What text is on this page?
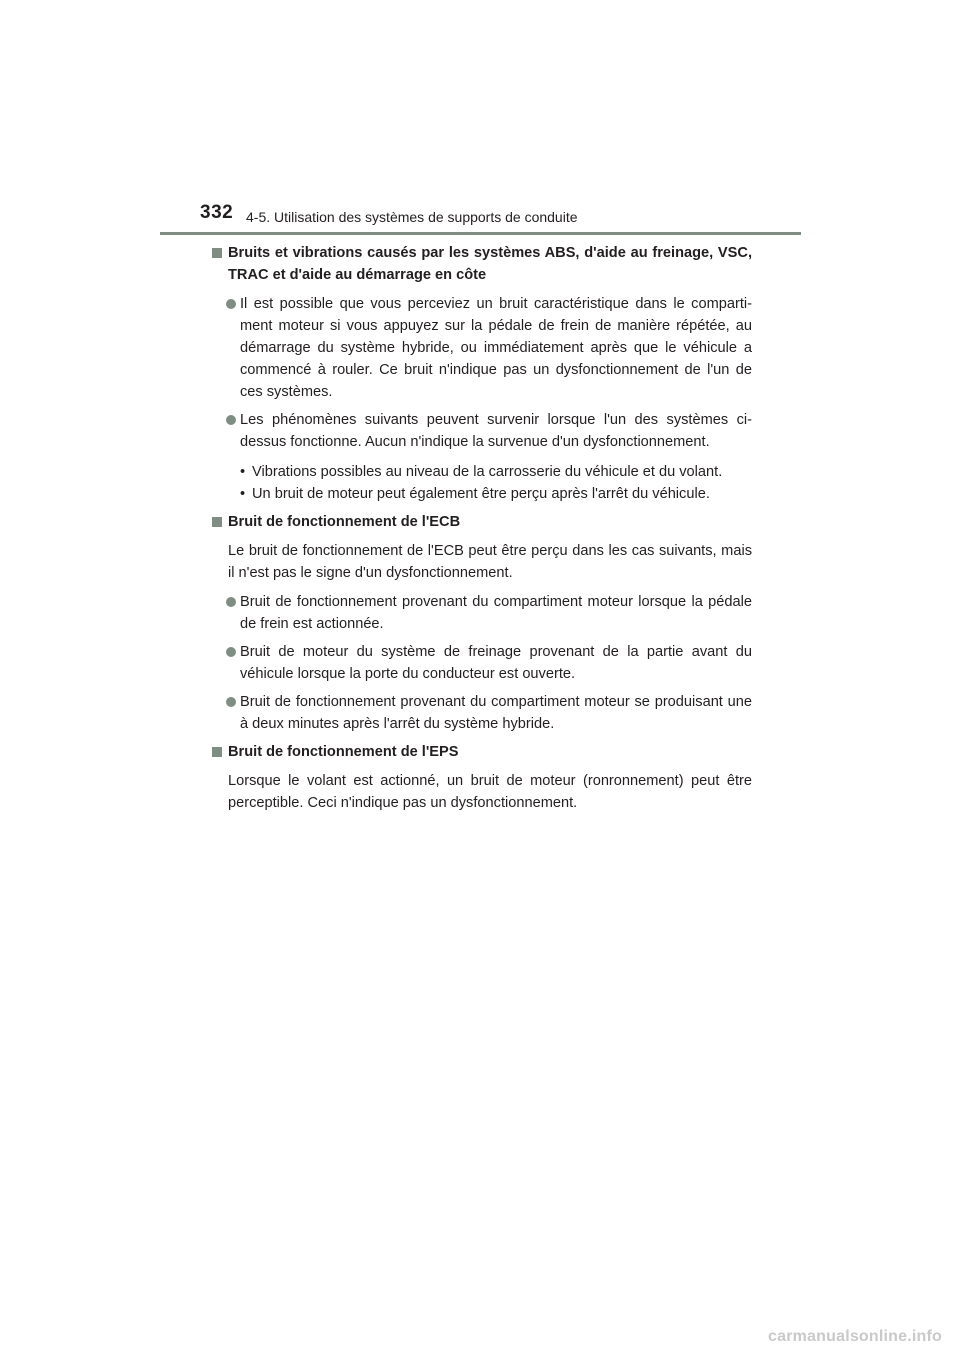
332 4-5. Utilisation des systèmes de supports de conduite
Bruits et vibrations causés par les systèmes ABS, d'aide au freinage, VSC, TRAC et d'aide au démarrage en côte
Il est possible que vous perceviez un bruit caractéristique dans le comparti-ment moteur si vous appuyez sur la pédale de frein de manière répétée, au démarrage du système hybride, ou immédiatement après que le véhicule a commencé à rouler. Ce bruit n'indique pas un dysfonctionnement de l'un de ces systèmes.
Les phénomènes suivants peuvent survenir lorsque l'un des systèmes ci-dessus fonctionne. Aucun n'indique la survenue d'un dysfonctionnement.
• Vibrations possibles au niveau de la carrosserie du véhicule et du volant.
• Un bruit de moteur peut également être perçu après l'arrêt du véhicule.
Bruit de fonctionnement de l'ECB
Le bruit de fonctionnement de l'ECB peut être perçu dans les cas suivants, mais il n'est pas le signe d'un dysfonctionnement.
Bruit de fonctionnement provenant du compartiment moteur lorsque la pédale de frein est actionnée.
Bruit de moteur du système de freinage provenant de la partie avant du véhicule lorsque la porte du conducteur est ouverte.
Bruit de fonctionnement provenant du compartiment moteur se produisant une à deux minutes après l'arrêt du système hybride.
Bruit de fonctionnement de l'EPS
Lorsque le volant est actionné, un bruit de moteur (ronronnement) peut être perceptible. Ceci n'indique pas un dysfonctionnement.
carmanualsonline.info
